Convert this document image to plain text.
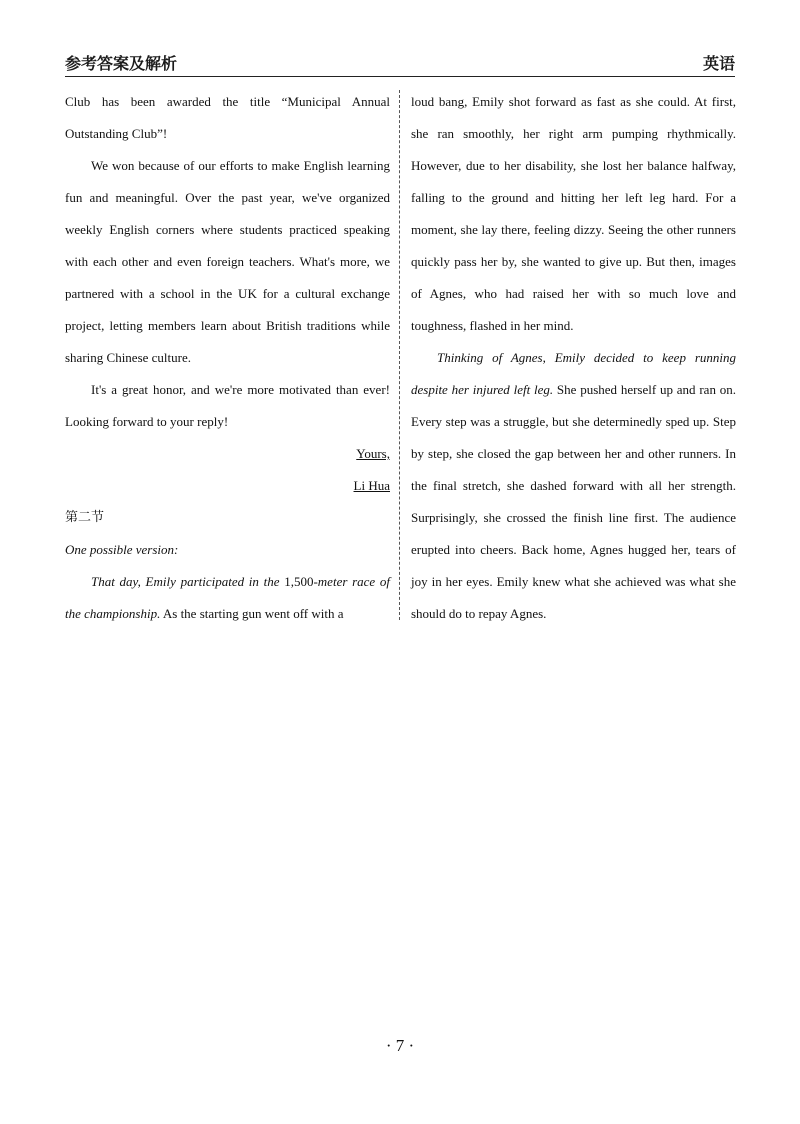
参考答案及解析	英语

Club has been awarded the title “Municipal Annual Outstanding Club”!

We won because of our efforts to make English learning fun and meaningful. Over the past year, we've organized weekly English corners where students practiced speaking with each other and even foreign teachers. What's more, we partnered with a school in the UK for a cultural exchange project, letting members learn about British traditions while sharing Chinese culture.

It's a great honor, and we're more motivated than ever! Looking forward to your reply!

Yours,

Li Hua

第二节

One possible version:

That day, Emily participated in the 1,500-meter race of the championship. As the starting gun went off with a

loud bang, Emily shot forward as fast as she could. At first, she ran smoothly, her right arm pumping rhythmically. However, due to her disability, she lost her balance halfway, falling to the ground and hitting her left leg hard. For a moment, she lay there, feeling dizzy. Seeing the other runners quickly pass her by, she wanted to give up. But then, images of Agnes, who had raised her with so much love and toughness, flashed in her mind.

Thinking of Agnes, Emily decided to keep running despite her injured left leg. She pushed herself up and ran on. Every step was a struggle, but she determinedly sped up. Step by step, she closed the gap between her and other runners. In the final stretch, she dashed forward with all her strength. Surprisingly, she crossed the finish line first. The audience erupted into cheers. Back home, Agnes hugged her, tears of joy in her eyes. Emily knew what she achieved was what she should do to repay Agnes.

· 7 ·
